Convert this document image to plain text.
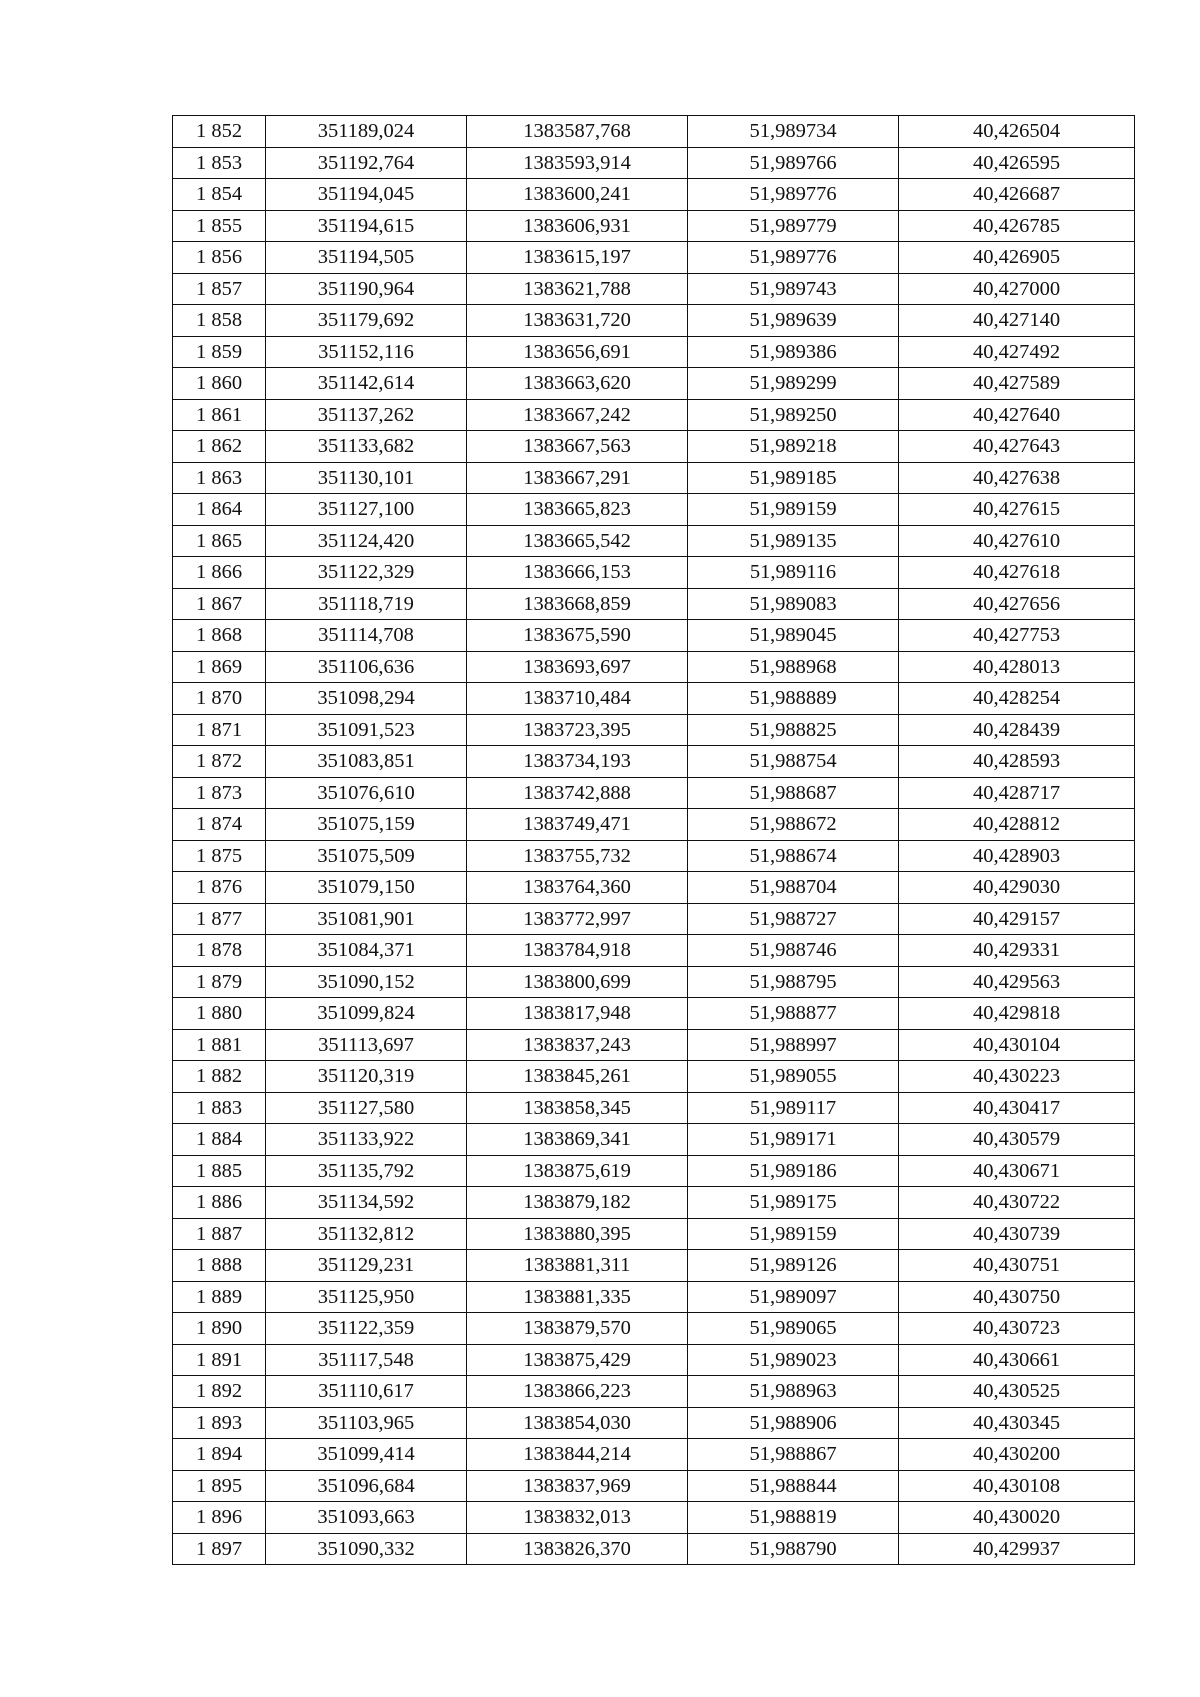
1 852	351189,024	1383587,768	51,989734	40,426504
1 853	351192,764	1383593,914	51,989766	40,426595
1 854	351194,045	1383600,241	51,989776	40,426687
1 855	351194,615	1383606,931	51,989779	40,426785
1 856	351194,505	1383615,197	51,989776	40,426905
1 857	351190,964	1383621,788	51,989743	40,427000
1 858	351179,692	1383631,720	51,989639	40,427140
1 859	351152,116	1383656,691	51,989386	40,427492
1 860	351142,614	1383663,620	51,989299	40,427589
1 861	351137,262	1383667,242	51,989250	40,427640
1 862	351133,682	1383667,563	51,989218	40,427643
1 863	351130,101	1383667,291	51,989185	40,427638
1 864	351127,100	1383665,823	51,989159	40,427615
1 865	351124,420	1383665,542	51,989135	40,427610
1 866	351122,329	1383666,153	51,989116	40,427618
1 867	351118,719	1383668,859	51,989083	40,427656
1 868	351114,708	1383675,590	51,989045	40,427753
1 869	351106,636	1383693,697	51,988968	40,428013
1 870	351098,294	1383710,484	51,988889	40,428254
1 871	351091,523	1383723,395	51,988825	40,428439
1 872	351083,851	1383734,193	51,988754	40,428593
1 873	351076,610	1383742,888	51,988687	40,428717
1 874	351075,159	1383749,471	51,988672	40,428812
1 875	351075,509	1383755,732	51,988674	40,428903
1 876	351079,150	1383764,360	51,988704	40,429030
1 877	351081,901	1383772,997	51,988727	40,429157
1 878	351084,371	1383784,918	51,988746	40,429331
1 879	351090,152	1383800,699	51,988795	40,429563
1 880	351099,824	1383817,948	51,988877	40,429818
1 881	351113,697	1383837,243	51,988997	40,430104
1 882	351120,319	1383845,261	51,989055	40,430223
1 883	351127,580	1383858,345	51,989117	40,430417
1 884	351133,922	1383869,341	51,989171	40,430579
1 885	351135,792	1383875,619	51,989186	40,430671
1 886	351134,592	1383879,182	51,989175	40,430722
1 887	351132,812	1383880,395	51,989159	40,430739
1 888	351129,231	1383881,311	51,989126	40,430751
1 889	351125,950	1383881,335	51,989097	40,430750
1 890	351122,359	1383879,570	51,989065	40,430723
1 891	351117,548	1383875,429	51,989023	40,430661
1 892	351110,617	1383866,223	51,988963	40,430525
1 893	351103,965	1383854,030	51,988906	40,430345
1 894	351099,414	1383844,214	51,988867	40,430200
1 895	351096,684	1383837,969	51,988844	40,430108
1 896	351093,663	1383832,013	51,988819	40,430020
1 897	351090,332	1383826,370	51,988790	40,429937
